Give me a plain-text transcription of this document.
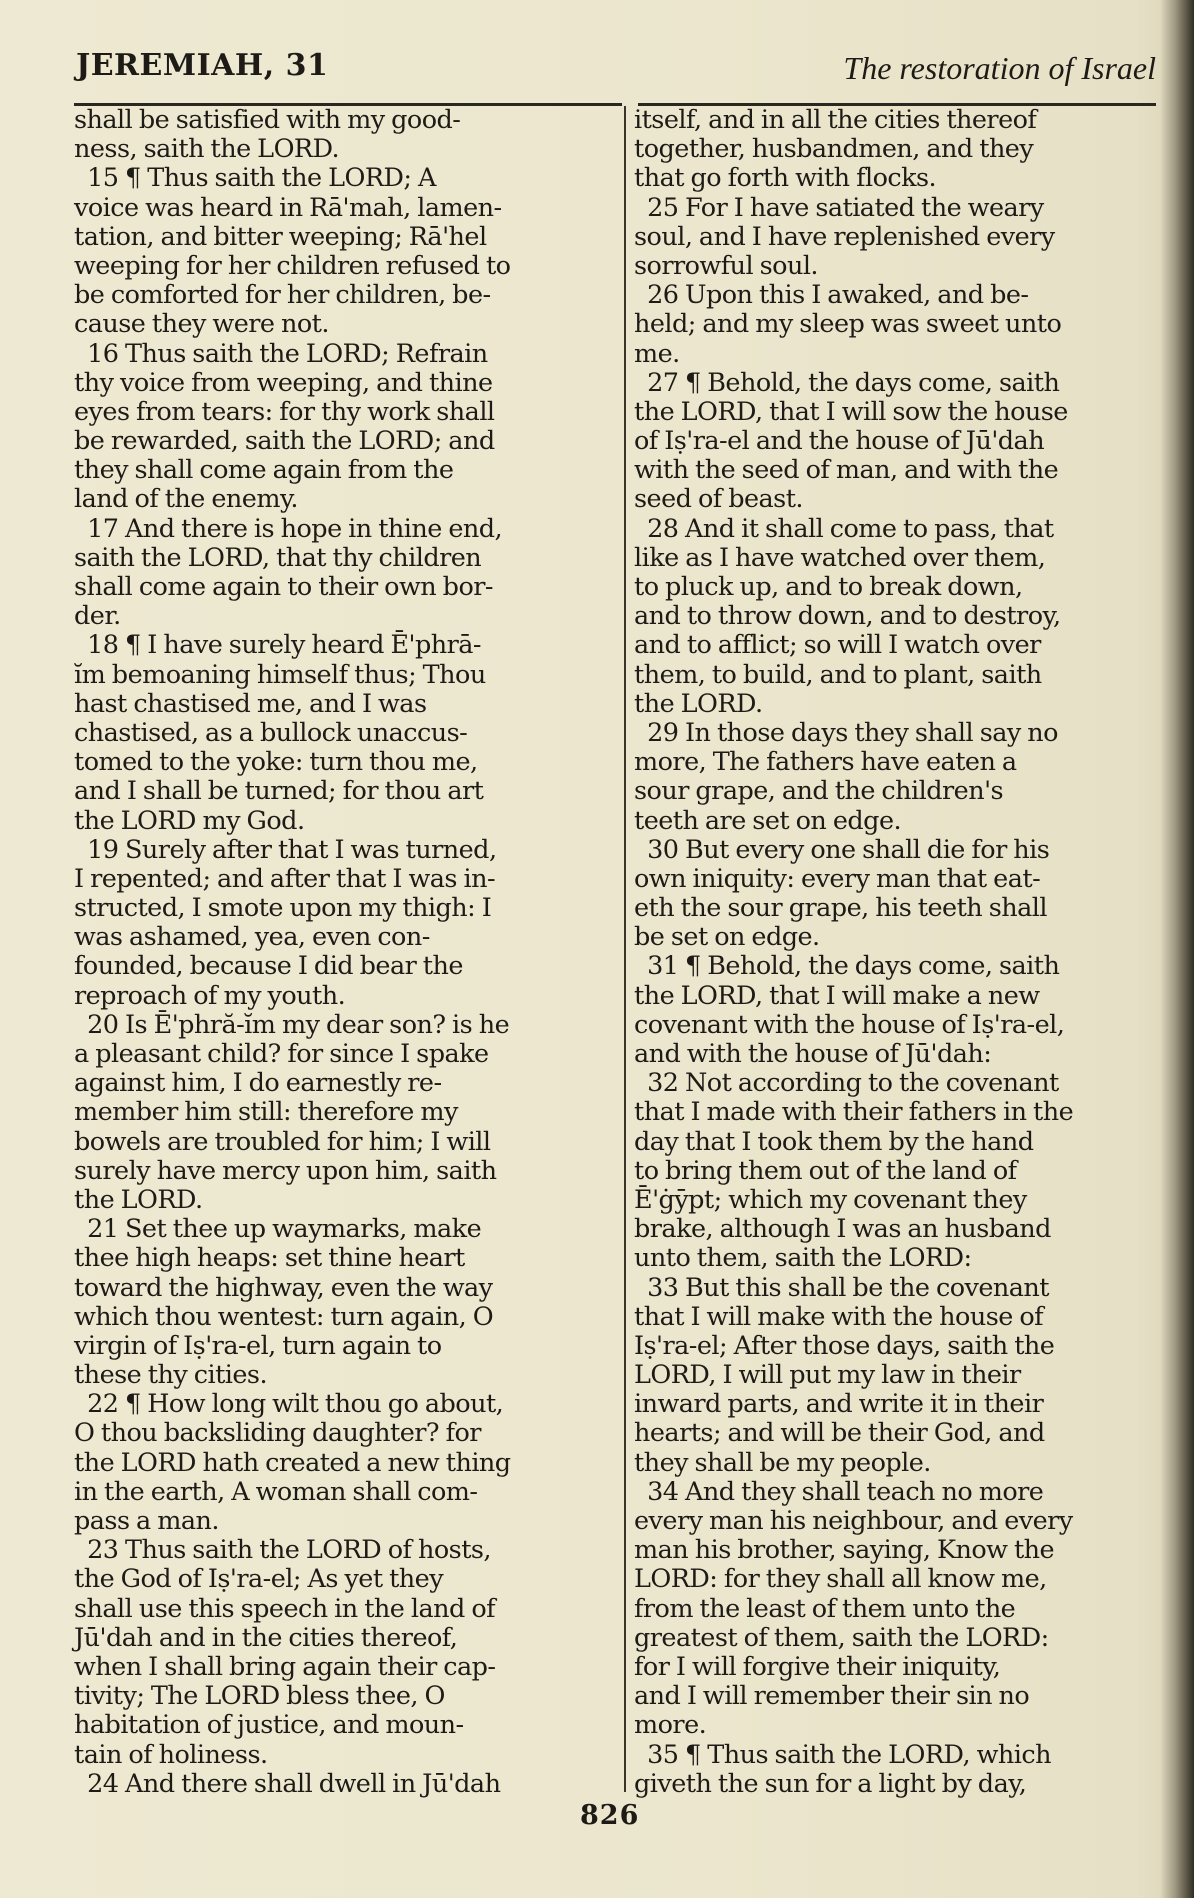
JEREMIAH, 31	The restoration of Israel
shall be satisfied with my good-
ness, saith the LORD.
15 ¶ Thus saith the LORD; A
voice was heard in Rā'mah, lamen-
tation, and bitter weeping; Rā'hel
weeping for her children refused to
be comforted for her children, be-
cause they were not.
16 Thus saith the LORD; Refrain
thy voice from weeping, and thine
eyes from tears: for thy work shall
be rewarded, saith the LORD; and
they shall come again from the
land of the enemy.
17 And there is hope in thine end,
saith the LORD, that thy children
shall come again to their own bor-
der.
18 ¶ I have surely heard Ē'phrā-
ĭm bemoaning himself thus; Thou
hast chastised me, and I was
chastised, as a bullock unaccus-
tomed to the yoke: turn thou me,
and I shall be turned; for thou art
the LORD my God.
19 Surely after that I was turned,
I repented; and after that I was in-
structed, I smote upon my thigh: I
was ashamed, yea, even con-
founded, because I did bear the
reproach of my youth.
20 Is Ē'phră-ĭm my dear son? is he
a pleasant child? for since I spake
against him, I do earnestly re-
member him still: therefore my
bowels are troubled for him; I will
surely have mercy upon him, saith
the LORD.
21 Set thee up waymarks, make
thee high heaps: set thine heart
toward the highway, even the way
which thou wentest: turn again, O
virgin of Iṣ'ra-el, turn again to
these thy cities.
22 ¶ How long wilt thou go about,
O thou backsliding daughter? for
the LORD hath created a new thing
in the earth, A woman shall com-
pass a man.
23 Thus saith the LORD of hosts,
the God of Iṣ'ra-el; As yet they
shall use this speech in the land of
Jū'dah and in the cities thereof,
when I shall bring again their cap-
tivity; The LORD bless thee, O
habitation of justice, and moun-
tain of holiness.
24 And there shall dwell in Jū'dah
itself, and in all the cities thereof
together, husbandmen, and they
that go forth with flocks.
25 For I have satiated the weary
soul, and I have replenished every
sorrowful soul.
26 Upon this I awaked, and be-
held; and my sleep was sweet unto
me.
27 ¶ Behold, the days come, saith
the LORD, that I will sow the house
of Iṣ'ra-el and the house of Jū'dah
with the seed of man, and with the
seed of beast.
28 And it shall come to pass, that
like as I have watched over them,
to pluck up, and to break down,
and to throw down, and to destroy,
and to afflict; so will I watch over
them, to build, and to plant, saith
the LORD.
29 In those days they shall say no
more, The fathers have eaten a
sour grape, and the children's
teeth are set on edge.
30 But every one shall die for his
own iniquity: every man that eat-
eth the sour grape, his teeth shall
be set on edge.
31 ¶ Behold, the days come, saith
the LORD, that I will make a new
covenant with the house of Iṣ'ra-el,
and with the house of Jū'dah:
32 Not according to the covenant
that I made with their fathers in the
day that I took them by the hand
to bring them out of the land of
Ē'ġȳpt; which my covenant they
brake, although I was an husband
unto them, saith the LORD:
33 But this shall be the covenant
that I will make with the house of
Iṣ'ra-el; After those days, saith the
LORD, I will put my law in their
inward parts, and write it in their
hearts; and will be their God, and
they shall be my people.
34 And they shall teach no more
every man his neighbour, and every
man his brother, saying, Know the
LORD: for they shall all know me,
from the least of them unto the
greatest of them, saith the LORD:
for I will forgive their iniquity,
and I will remember their sin no
more.
35 ¶ Thus saith the LORD, which
giveth the sun for a light by day,
826
